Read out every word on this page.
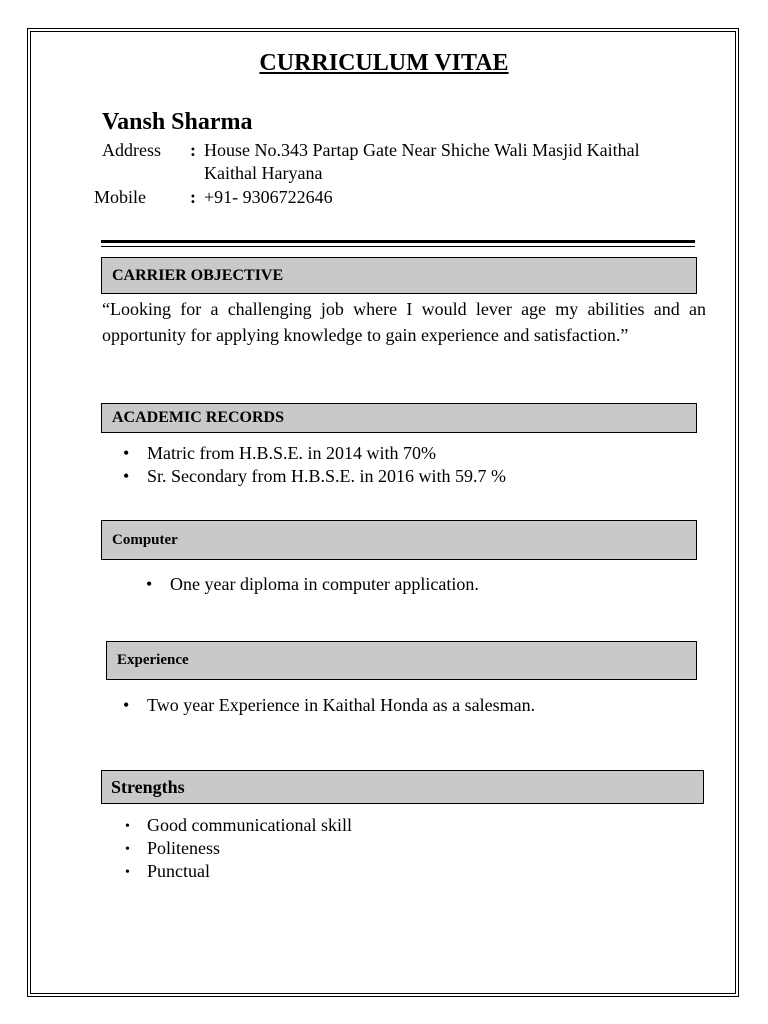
CURRICULUM VITAE
Vansh Sharma
Address : House No.343 Partap Gate Near Shiche Wali Masjid Kaithal
Kaithal Haryana
Mobile : +91- 9306722646
CARRIER OBJECTIVE
“Looking for a challenging job where I would lever age my abilities and an opportunity for applying knowledge to gain experience and satisfaction.”
ACADEMIC RECORDS
• Matric from H.B.S.E. in 2014 with 70%
• Sr. Secondary from H.B.S.E. in 2016 with 59.7 %
Computer
• One year diploma in computer application.
Experience
• Two year Experience in Kaithal Honda as a salesman.
Strengths
• Good communicational skill
• Politeness
• Punctual
